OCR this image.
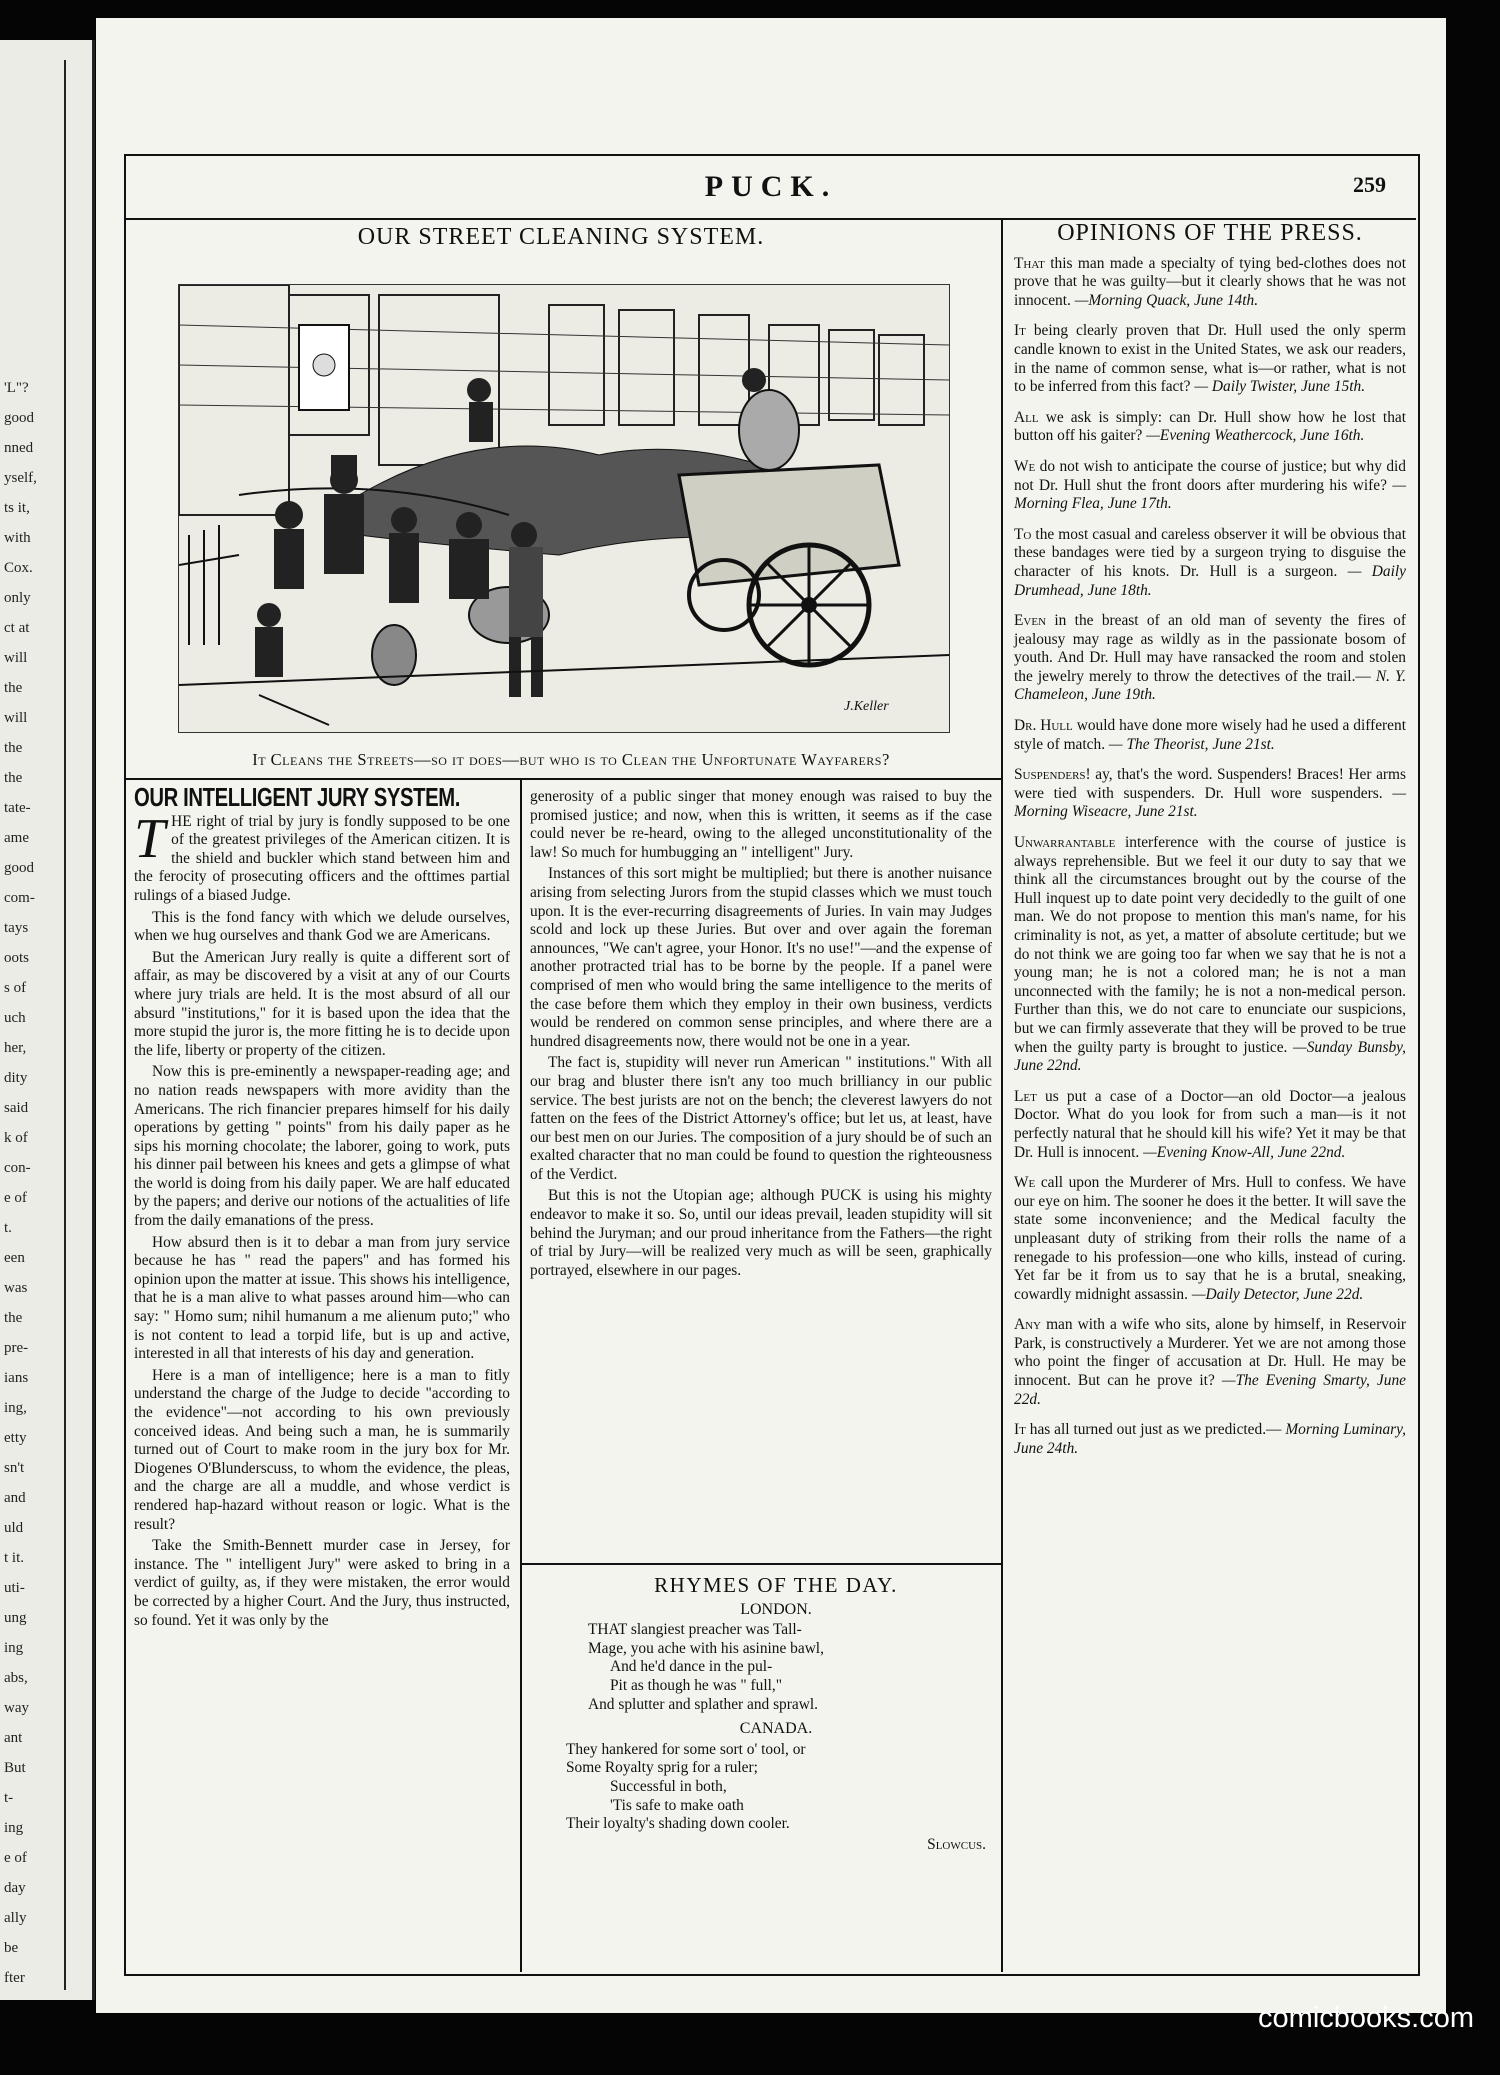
'L"?
good
nned
yself,
ts it,
with
Cox.
only
ct at
will
the
will
the
the
tate-
ame
good
com-
tays
oots
s of
uch
her,
dity
said
k of
con-
e of
t.
een
was
the
pre-
ians
ing,
etty
sn't
and
uld
t it.
uti-
ung
ing
abs,
way
ant
But
t-
ing
e of
day
ally
be
fter
PUCK.	259
OUR STREET CLEANING SYSTEM.
J.Keller
It Cleans the Streets—so it does—but who is to Clean the Unfortunate Wayfarers?
OUR INTELLIGENT JURY SYSTEM.

THE right of trial by jury is fondly supposed to be one of the greatest privileges of the American citizen. It is the shield and buckler which stand between him and the ferocity of prosecuting officers and the ofttimes partial rulings of a biased Judge.

This is the fond fancy with which we delude ourselves, when we hug ourselves and thank God we are Americans.

But the American Jury really is quite a different sort of affair, as may be discovered by a visit at any of our Courts where jury trials are held. It is the most absurd of all our absurd "institutions," for it is based upon the idea that the more stupid the juror is, the more fitting he is to decide upon the life, liberty or property of the citizen.

Now this is pre-eminently a newspaper-reading age; and no nation reads newspapers with more avidity than the Americans. The rich financier prepares himself for his daily operations by getting " points" from his daily paper as he sips his morning chocolate; the laborer, going to work, puts his dinner pail between his knees and gets a glimpse of what the world is doing from his daily paper. We are half educated by the papers; and derive our notions of the actualities of life from the daily emanations of the press.

How absurd then is it to debar a man from jury service because he has " read the papers" and has formed his opinion upon the matter at issue. This shows his intelligence, that he is a man alive to what passes around him—who can say: " Homo sum; nihil humanum a me alienum puto;" who is not content to lead a torpid life, but is up and active, interested in all that interests of his day and generation.

Here is a man of intelligence; here is a man to fitly understand the charge of the Judge to decide "according to the evidence"—not according to his own previously conceived ideas. And being such a man, he is summarily turned out of Court to make room in the jury box for Mr. Diogenes O'Blunderscuss, to whom the evidence, the pleas, and the charge are all a muddle, and whose verdict is rendered hap-hazard without reason or logic. What is the result?

Take the Smith-Bennett murder case in Jersey, for instance. The " intelligent Jury" were asked to bring in a verdict of guilty, as, if they were mistaken, the error would be corrected by a higher Court. And the Jury, thus instructed, so found. Yet it was only by the

generosity of a public singer that money enough was raised to buy the promised justice; and now, when this is written, it seems as if the case could never be re-heard, owing to the alleged unconstitutionality of the law! So much for humbugging an " intelligent" Jury.

Instances of this sort might be multiplied; but there is another nuisance arising from selecting Jurors from the stupid classes which we must touch upon. It is the ever-recurring disagreements of Juries. In vain may Judges scold and lock up these Juries. But over and over again the foreman announces, "We can't agree, your Honor. It's no use!"—and the expense of another protracted trial has to be borne by the people. If a panel were comprised of men who would bring the same intelligence to the merits of the case before them which they employ in their own business, verdicts would be rendered on common sense principles, and where there are a hundred disagreements now, there would not be one in a year.

The fact is, stupidity will never run American " institutions." With all our brag and bluster there isn't any too much brilliancy in our public service. The best jurists are not on the bench; the cleverest lawyers do not fatten on the fees of the District Attorney's office; but let us, at least, have our best men on our Juries. The composition of a jury should be of such an exalted character that no man could be found to question the righteousness of the Verdict.

But this is not the Utopian age; although PUCK is using his mighty endeavor to make it so. So, until our ideas prevail, leaden stupidity will sit behind the Juryman; and our proud inheritance from the Fathers—the right of trial by Jury—will be realized very much as will be seen, graphically portrayed, elsewhere in our pages.

RHYMES OF THE DAY.
LONDON.
THAT slangiest preacher was Tall-
Mage, you ache with his asinine bawl,
And he'd dance in the pul-
Pit as though he was " full,"
And splutter and splather and sprawl.
CANADA.
They hankered for some sort o' tool, or
Some Royalty sprig for a ruler;
Successful in both,
'Tis safe to make oath
Their loyalty's shading down cooler.
Slowcus.
OPINIONS OF THE PRESS.

That this man made a specialty of tying bed-clothes does not prove that he was guilty—but it clearly shows that he was not innocent. —Morning Quack, June 14th.

It being clearly proven that Dr. Hull used the only sperm candle known to exist in the United States, we ask our readers, in the name of common sense, what is—or rather, what is not to be inferred from this fact? — Daily Twister, June 15th.

All we ask is simply: can Dr. Hull show how he lost that button off his gaiter? —Evening Weathercock, June 16th.

We do not wish to anticipate the course of justice; but why did not Dr. Hull shut the front doors after murdering his wife? — Morning Flea, June 17th.

To the most casual and careless observer it will be obvious that these bandages were tied by a surgeon trying to disguise the character of his knots. Dr. Hull is a surgeon. — Daily Drumhead, June 18th.

Even in the breast of an old man of seventy the fires of jealousy may rage as wildly as in the passionate bosom of youth. And Dr. Hull may have ransacked the room and stolen the jewelry merely to throw the detectives of the trail.— N. Y. Chameleon, June 19th.

Dr. Hull would have done more wisely had he used a different style of match. — The Theorist, June 21st.

Suspenders! ay, that's the word. Suspenders! Braces! Her arms were tied with suspenders. Dr. Hull wore suspenders. —Morning Wiseacre, June 21st.

Unwarrantable interference with the course of justice is always reprehensible. But we feel it our duty to say that we think all the circumstances brought out by the course of the Hull inquest up to date point very decidedly to the guilt of one man. We do not propose to mention this man's name, for his criminality is not, as yet, a matter of absolute certitude; but we do not think we are going too far when we say that he is not a young man; he is not a colored man; he is not a man unconnected with the family; he is not a non-medical person. Further than this, we do not care to enunciate our suspicions, but we can firmly asseverate that they will be proved to be true when the guilty party is brought to justice. —Sunday Bunsby, June 22nd.

Let us put a case of a Doctor—an old Doctor—a jealous Doctor. What do you look for from such a man—is it not perfectly natural that he should kill his wife? Yet it may be that Dr. Hull is innocent. —Evening Know-All, June 22nd.

We call upon the Murderer of Mrs. Hull to confess. We have our eye on him. The sooner he does it the better. It will save the state some inconvenience; and the Medical faculty the unpleasant duty of striking from their rolls the name of a renegade to his profession—one who kills, instead of curing. Yet far be it from us to say that he is a brutal, sneaking, cowardly midnight assassin. —Daily Detector, June 22d.

Any man with a wife who sits, alone by himself, in Reservoir Park, is constructively a Murderer. Yet we are not among those who point the finger of accusation at Dr. Hull. He may be innocent. But can he prove it? —The Evening Smarty, June 22d.

It has all turned out just as we predicted.— Morning Luminary, June 24th.

comicbooks.com
